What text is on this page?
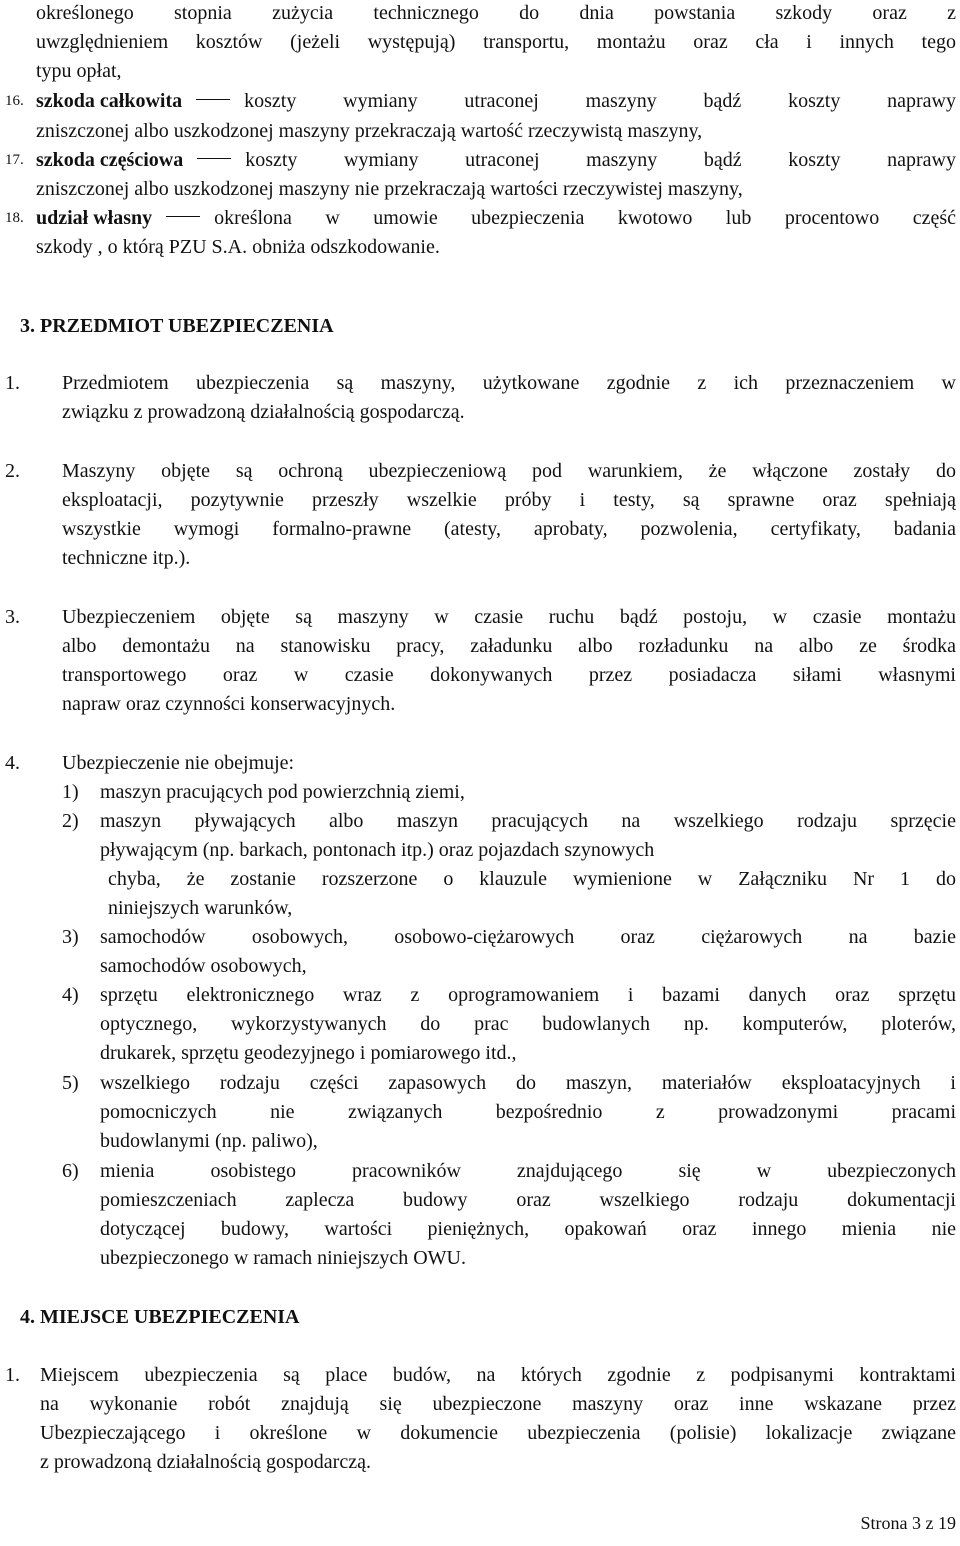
określonego stopnia zużycia technicznego do dnia powstania szkody oraz z
uwzględnieniem kosztów (jeżeli występują) transportu, montażu oraz cła i innych tego
typu opłat,
16. szkoda całkowita	koszty wymiany utraconej maszyny bądź koszty naprawy
zniszczonej albo uszkodzonej maszyny przekraczają wartość rzeczywistą maszyny,
17. szkoda częściowa	koszty wymiany utraconej maszyny bądź koszty naprawy
zniszczonej albo uszkodzonej maszyny nie przekraczają wartości rzeczywistej maszyny,
18. udział własny	określona w umowie ubezpieczenia kwotowo lub procentowo część
szkody , o którą PZU S.A. obniża odszkodowanie.
3. PRZEDMIOT UBEZPIECZENIA
1. Przedmiotem ubezpieczenia są maszyny, użytkowane zgodnie z ich przeznaczeniem w
związku z prowadzoną działalnością gospodarczą.
2. Maszyny objęte są ochroną ubezpieczeniową pod warunkiem, że włączone zostały do
eksploatacji, pozytywnie przeszły wszelkie próby i testy, są sprawne oraz spełniają
wszystkie wymogi formalno-prawne (atesty, aprobaty, pozwolenia, certyfikaty, badania
techniczne itp.).
3. Ubezpieczeniem objęte są maszyny w czasie ruchu bądź postoju, w czasie montażu
albo demontażu na stanowisku pracy, załadunku albo rozładunku na albo ze środka
transportowego oraz w czasie dokonywanych przez posiadacza siłami własnymi
napraw oraz czynności konserwacyjnych.
4. Ubezpieczenie nie obejmuje:
1) maszyn pracujących pod powierzchnią ziemi,
2) maszyn pływających albo maszyn pracujących na wszelkiego rodzaju sprzęcie
pływającym (np. barkach, pontonach itp.) oraz pojazdach szynowych
chyba, że zostanie rozszerzone o klauzule wymienione w Załączniku Nr 1 do
niniejszych warunków,
3) samochodów osobowych, osobowo-ciężarowych oraz ciężarowych na bazie
samochodów osobowych,
4) sprzętu elektronicznego wraz z oprogramowaniem i bazami danych oraz sprzętu
optycznego, wykorzystywanych do prac budowlanych np. komputerów, ploterów,
drukarek, sprzętu geodezyjnego i pomiarowego itd.,
5) wszelkiego rodzaju części zapasowych do maszyn, materiałów eksploatacyjnych i
pomocniczych nie związanych bezpośrednio z prowadzonymi pracami
budowlanymi (np. paliwo),
6) mienia osobistego pracowników znajdującego się w ubezpieczonych
pomieszczeniach zaplecza budowy oraz wszelkiego rodzaju dokumentacji
dotyczącej budowy, wartości pieniężnych, opakowań oraz innego mienia nie
ubezpieczonego w ramach niniejszych OWU.
4. MIEJSCE UBEZPIECZENIA
1. Miejscem ubezpieczenia są place budów, na których zgodnie z podpisanymi kontraktami
na wykonanie robót znajdują się ubezpieczone maszyny oraz inne wskazane przez
Ubezpieczającego i określone w dokumencie ubezpieczenia (polisie) lokalizacje związane
z prowadzoną działalnością gospodarczą.
Strona 3 z 19
